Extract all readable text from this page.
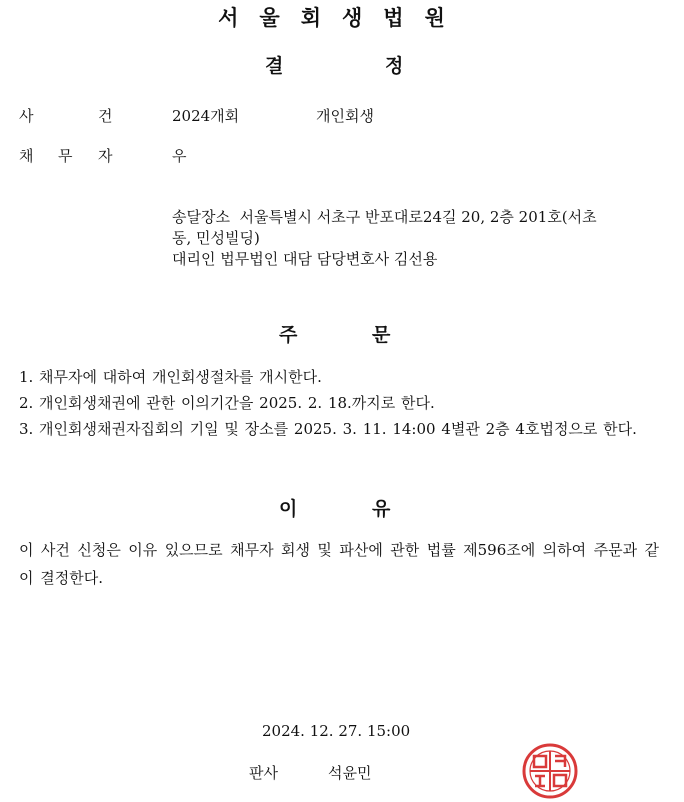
서울회생법원
결	정
사	건	2024개회	개인회생
채 무 자	우
송달장소  서울특별시 서초구 반포대로24길 20, 2층 201호(서초
동, 민성빌딩)
대리인 법무법인 대담 담당변호사 김선용
주	문
1. 채무자에 대하여 개인회생절차를 개시한다.
2. 개인회생채권에 관한 이의기간을 2025. 2. 18.까지로 한다.
3. 개인회생채권자집회의 기일 및 장소를 2025. 3. 11. 14:00 4별관 2층 4호법정으로 한다.
이	유
이 사건 신청은 이유 있으므로 채무자 회생 및 파산에 관한 법률 제596조에 의하여 주문과 같이 결정한다.
2024. 12. 27. 15:00
판사	석윤민
